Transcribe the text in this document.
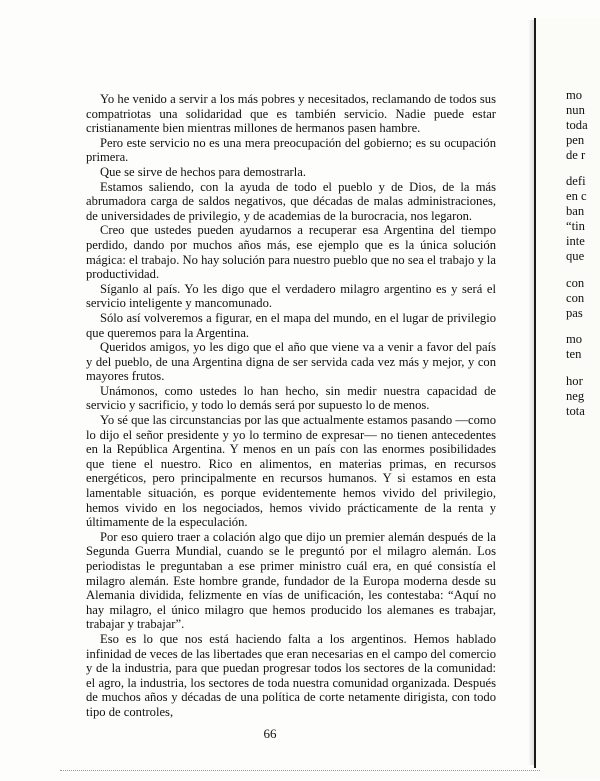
Yo he venido a servir a los más pobres y necesitados, reclamando de todos sus compatriotas una solidaridad que es también servicio. Nadie puede estar cristianamente bien mientras millones de hermanos pasen hambre.

Pero este servicio no es una mera preocupación del gobierno; es su ocupación primera.

Que se sirve de hechos para demostrarla.

Estamos saliendo, con la ayuda de todo el pueblo y de Dios, de la más abrumadora carga de saldos negativos, que décadas de malas administraciones, de universidades de privilegio, y de academias de la burocracia, nos legaron.

Creo que ustedes pueden ayudarnos a recuperar esa Argentina del tiempo perdido, dando por muchos años más, ese ejemplo que es la única solución mágica: el trabajo. No hay solución para nuestro pueblo que no sea el trabajo y la productividad.

Síganlo al país. Yo les digo que el verdadero milagro argentino es y será el servicio inteligente y mancomunado.

Sólo así volveremos a figurar, en el mapa del mundo, en el lugar de privilegio que queremos para la Argentina.

Queridos amigos, yo les digo que el año que viene va a venir a favor del país y del pueblo, de una Argentina digna de ser servida cada vez más y mejor, y con mayores frutos.

Unámonos, como ustedes lo han hecho, sin medir nuestra capacidad de servicio y sacrificio, y todo lo demás será por supuesto lo de menos.

Yo sé que las circunstancias por las que actualmente estamos pasando —como lo dijo el señor presidente y yo lo termino de expresar— no tienen antecedentes en la República Argentina. Y menos en un país con las enormes posibilidades que tiene el nuestro. Rico en alimentos, en materias primas, en recursos energéticos, pero principalmente en recursos humanos. Y si estamos en esta lamentable situación, es porque evidentemente hemos vivido del privilegio, hemos vivido en los negociados, hemos vivido prácticamente de la renta y últimamente de la especulación.

Por eso quiero traer a colación algo que dijo un premier alemán después de la Segunda Guerra Mundial, cuando se le preguntó por el milagro alemán. Los periodistas le preguntaban a ese primer ministro cuál era, en qué consistía el milagro alemán. Este hombre grande, fundador de la Europa moderna desde su Alemania dividida, felizmente en vías de unificación, les contestaba: “Aquí no hay milagro, el único milagro que hemos producido los alemanes es trabajar, trabajar y trabajar”.

Eso es lo que nos está haciendo falta a los argentinos. Hemos hablado infinidad de veces de las libertades que eran necesarias en el campo del comercio y de la industria, para que puedan progresar todos los sectores de la comunidad: el agro, la industria, los sectores de toda nuestra comunidad organizada. Después de muchos años y décadas de una política de corte netamente dirigista, con todo tipo de controles,

66
mo
nun
toda
pen
de r
defi
en c
ban
“tin
inte
que
con
con
pas
mo
ten
hor
neg
tota
